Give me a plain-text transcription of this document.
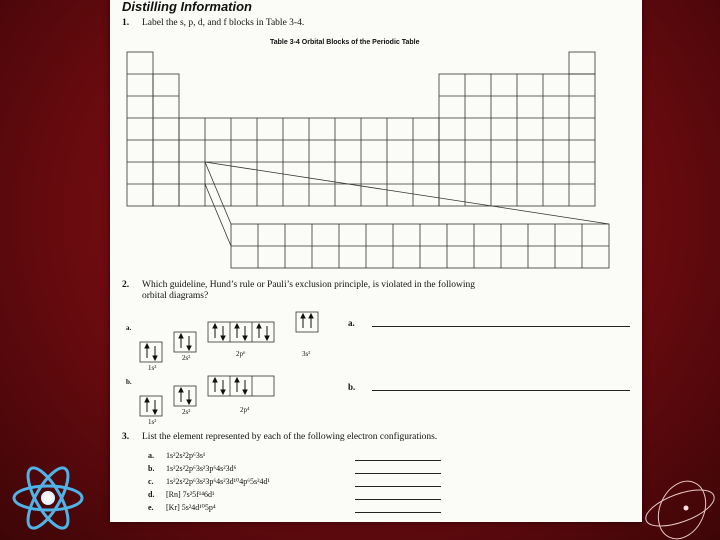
Distilling Information
1. Label the s, p, d, and f blocks in Table 3-4.
Table 3-4 Orbital Blocks of the Periodic Table
2. Which guideline, Hund’s rule or Pauli’s exclusion principle, is violated in the following
orbital diagrams?
a.
1s²
2s²	2p⁶	3s²
a.
b.
1s²
2s²	2p⁴
b.
3. List the element represented by each of the following electron configurations.
a. 1s²2s²2p⁶3s¹
b. 1s²2s²2p⁶3s²3p⁶4s²3d⁶
c. 1s²2s²2p⁶3s²3p⁶4s²3d¹⁰4p⁶5s²4d¹
d. [Rn] 7s²5f¹⁴6d¹
e. [Kr] 5s²4d¹⁰5p⁴
